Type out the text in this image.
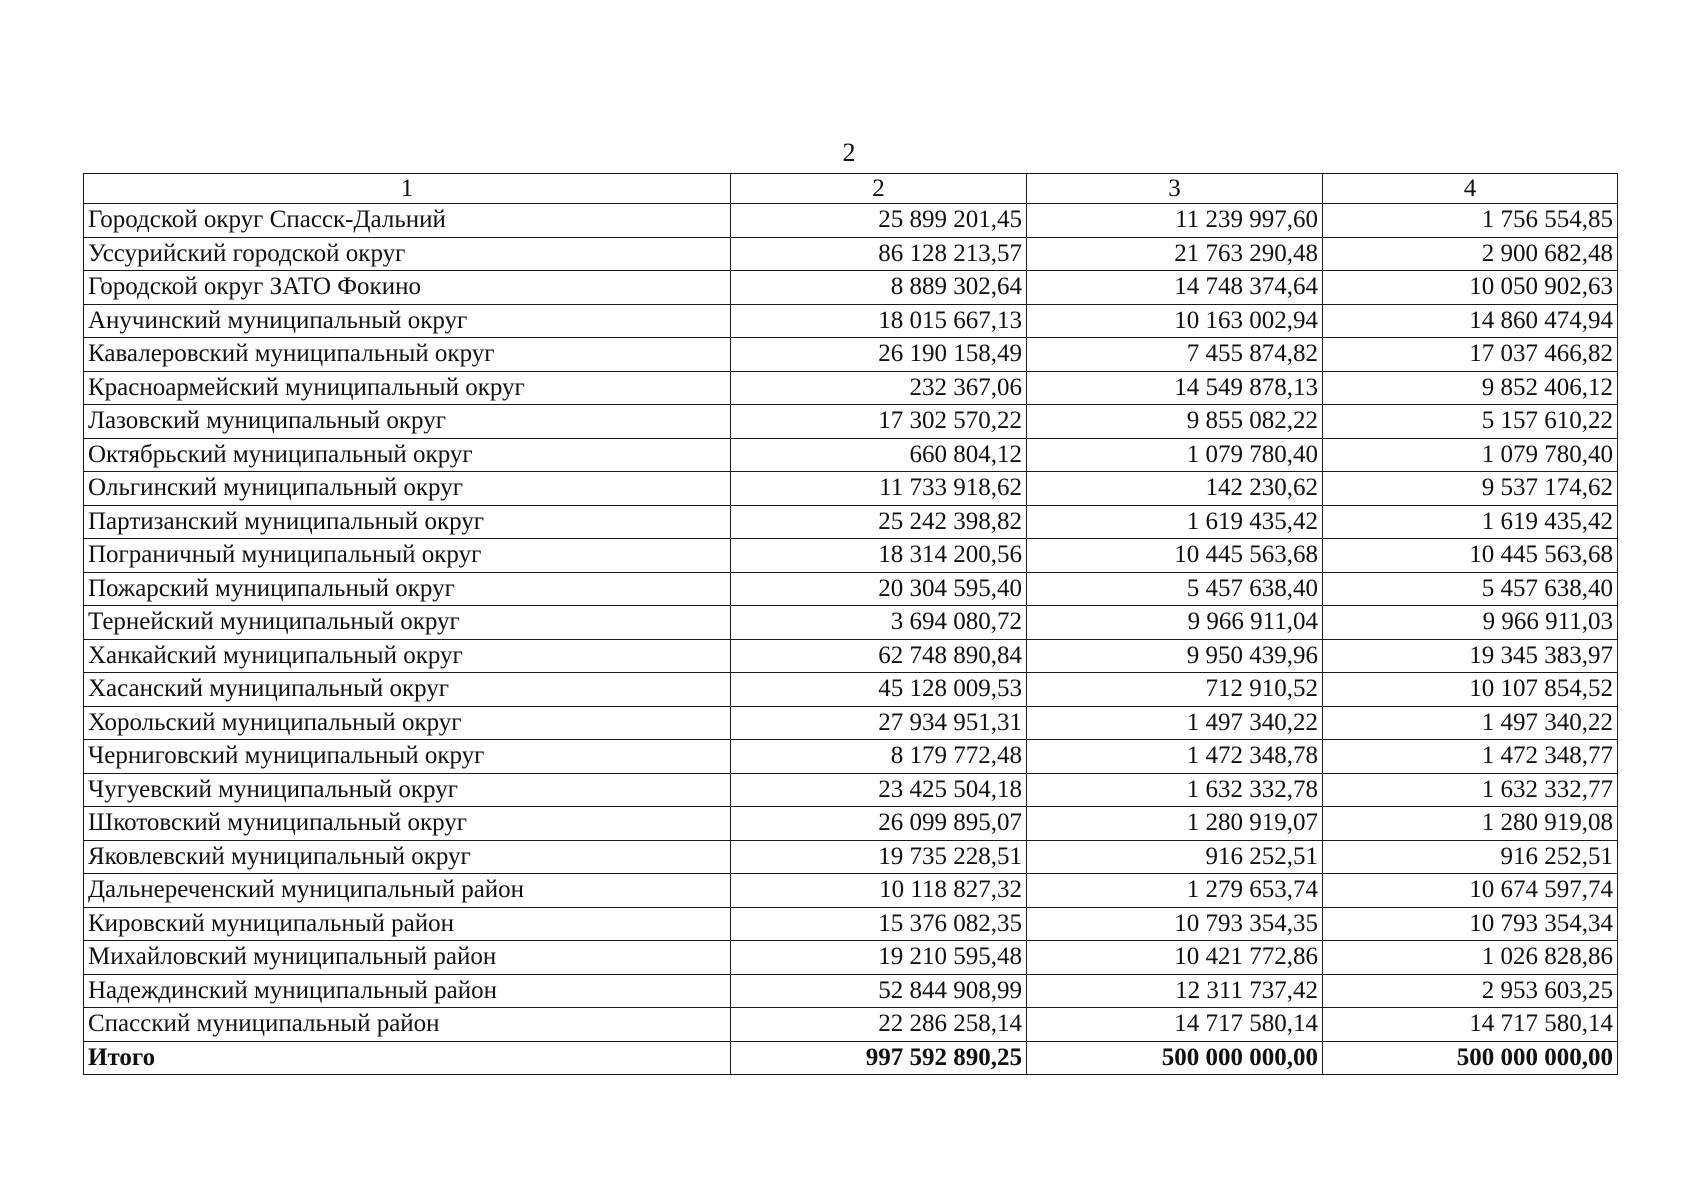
2
1	2	3	4
Городской округ Спасск-Дальний	25 899 201,45	11 239 997,60	1 756 554,85
Уссурийский городской округ	86 128 213,57	21 763 290,48	2 900 682,48
Городской округ ЗАТО Фокино	8 889 302,64	14 748 374,64	10 050 902,63
Анучинский муниципальный округ	18 015 667,13	10 163 002,94	14 860 474,94
Кавалеровский муниципальный округ	26 190 158,49	7 455 874,82	17 037 466,82
Красноармейский муниципальный округ	232 367,06	14 549 878,13	9 852 406,12
Лазовский муниципальный округ	17 302 570,22	9 855 082,22	5 157 610,22
Октябрьский муниципальный округ	660 804,12	1 079 780,40	1 079 780,40
Ольгинский муниципальный округ	11 733 918,62	142 230,62	9 537 174,62
Партизанский муниципальный округ	25 242 398,82	1 619 435,42	1 619 435,42
Пограничный муниципальный округ	18 314 200,56	10 445 563,68	10 445 563,68
Пожарский муниципальный округ	20 304 595,40	5 457 638,40	5 457 638,40
Тернейский муниципальный округ	3 694 080,72	9 966 911,04	9 966 911,03
Ханкайский муниципальный округ	62 748 890,84	9 950 439,96	19 345 383,97
Хасанский муниципальный округ	45 128 009,53	712 910,52	10 107 854,52
Хорольский муниципальный округ	27 934 951,31	1 497 340,22	1 497 340,22
Черниговский муниципальный округ	8 179 772,48	1 472 348,78	1 472 348,77
Чугуевский муниципальный округ	23 425 504,18	1 632 332,78	1 632 332,77
Шкотовский муниципальный округ	26 099 895,07	1 280 919,07	1 280 919,08
Яковлевский муниципальный округ	19 735 228,51	916 252,51	916 252,51
Дальнереченский муниципальный район	10 118 827,32	1 279 653,74	10 674 597,74
Кировский муниципальный район	15 376 082,35	10 793 354,35	10 793 354,34
Михайловский муниципальный район	19 210 595,48	10 421 772,86	1 026 828,86
Надеждинский муниципальный район	52 844 908,99	12 311 737,42	2 953 603,25
Спасский муниципальный район	22 286 258,14	14 717 580,14	14 717 580,14
Итого	997 592 890,25	500 000 000,00	500 000 000,00
